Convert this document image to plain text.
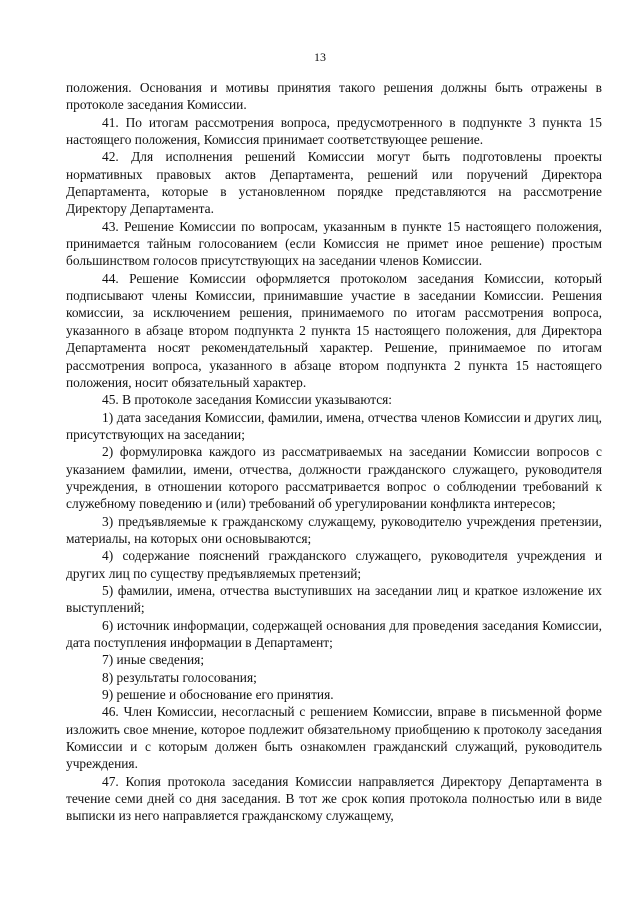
13

положения. Основания и мотивы принятия такого решения должны быть отражены в протоколе заседания Комиссии.

41. По итогам рассмотрения вопроса, предусмотренного в подпункте 3 пункта 15 настоящего положения, Комиссия принимает соответствующее решение.

42. Для исполнения решений Комиссии могут быть подготовлены проекты нормативных правовых актов Департамента, решений или поручений Директора Департамента, которые в установленном порядке представляются на рассмотрение Директору Департамента.

43. Решение Комиссии по вопросам, указанным в пункте 15 настоящего положения, принимается тайным голосованием (если Комиссия не примет иное решение) простым большинством голосов присутствующих на заседании членов Комиссии.

44. Решение Комиссии оформляется протоколом заседания Комиссии, который подписывают члены Комиссии, принимавшие участие в заседании Комиссии. Решения комиссии, за исключением решения, принимаемого по итогам рассмотрения вопроса, указанного в абзаце втором подпункта 2 пункта 15 настоящего положения, для Директора Департамента носят рекомендательный характер. Решение, принимаемое по итогам рассмотрения вопроса, указанного в абзаце втором подпункта 2 пункта 15 настоящего положения, носит обязательный характер.

45. В протоколе заседания Комиссии указываются:

1) дата заседания Комиссии, фамилии, имена, отчества членов Комиссии и других лиц, присутствующих на заседании;

2) формулировка каждого из рассматриваемых на заседании Комиссии вопросов с указанием фамилии, имени, отчества, должности гражданского служащего, руководителя учреждения, в отношении которого рассматривается вопрос о соблюдении требований к служебному поведению и (или) требований об урегулировании конфликта интересов;

3) предъявляемые к гражданскому служащему, руководителю учреждения претензии, материалы, на которых они основываются;

4) содержание пояснений гражданского служащего, руководителя учреждения и других лиц по существу предъявляемых претензий;

5) фамилии, имена, отчества выступивших на заседании лиц и краткое изложение их выступлений;

6) источник информации, содержащей основания для проведения заседания Комиссии, дата поступления информации в Департамент;

7) иные сведения;

8) результаты голосования;

9) решение и обоснование его принятия.

46. Член Комиссии, несогласный с решением Комиссии, вправе в письменной форме изложить свое мнение, которое подлежит обязательному приобщению к протоколу заседания Комиссии и с которым должен быть ознакомлен гражданский служащий, руководитель учреждения.

47. Копия протокола заседания Комиссии направляется Директору Департамента в течение семи дней со дня заседания. В тот же срок копия протокола полностью или в виде выписки из него направляется гражданскому служащему,
